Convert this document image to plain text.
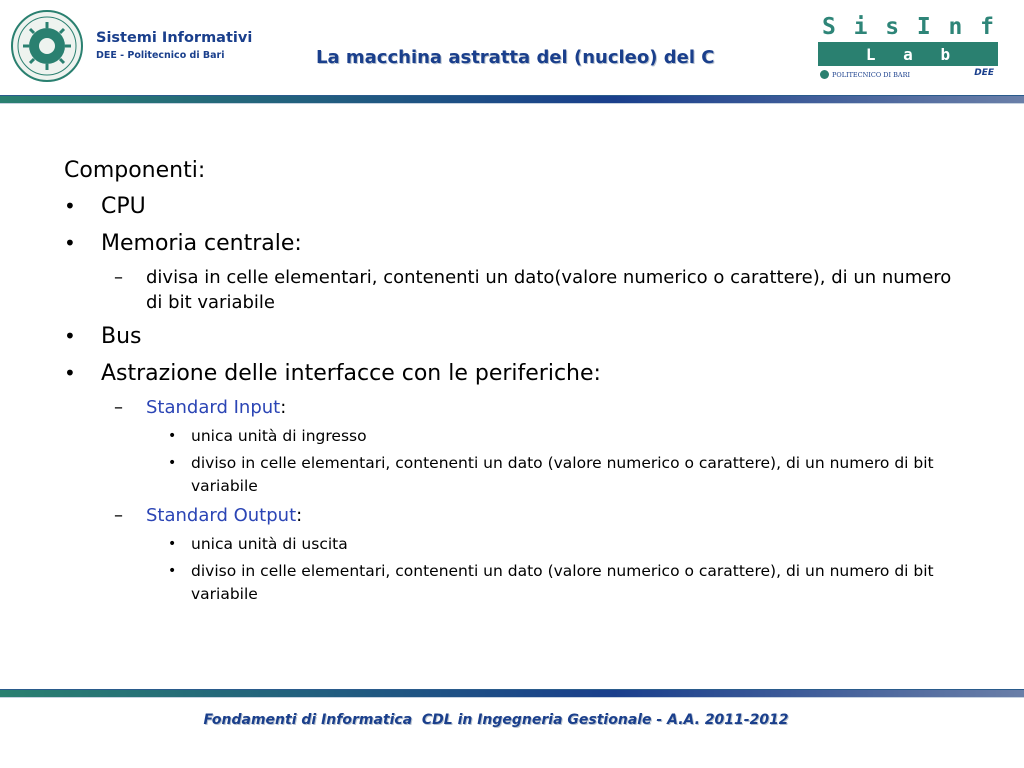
Sistemi Informativi
DEE - Politecnico di Bari	La macchina astratta del (nucleo) del C
S i s I n f
L a b
POLITECNICO DI BARI	DEE
Componenti:
• CPU
• Memoria centrale:
– divisa in celle elementari, contenenti un dato(valore numerico o carattere), di un numero di bit variabile
• Bus
• Astrazione delle interfacce con le periferiche:
– Standard Input:
• unica unità di ingresso
• diviso in celle elementari, contenenti un dato (valore numerico o carattere), di un numero di bit variabile
– Standard Output:
• unica unità di uscita
• diviso in celle elementari, contenenti un dato (valore numerico o carattere), di un numero di bit variabile
Fondamenti di Informatica  CDL in Ingegneria Gestionale - A.A. 2011-2012
